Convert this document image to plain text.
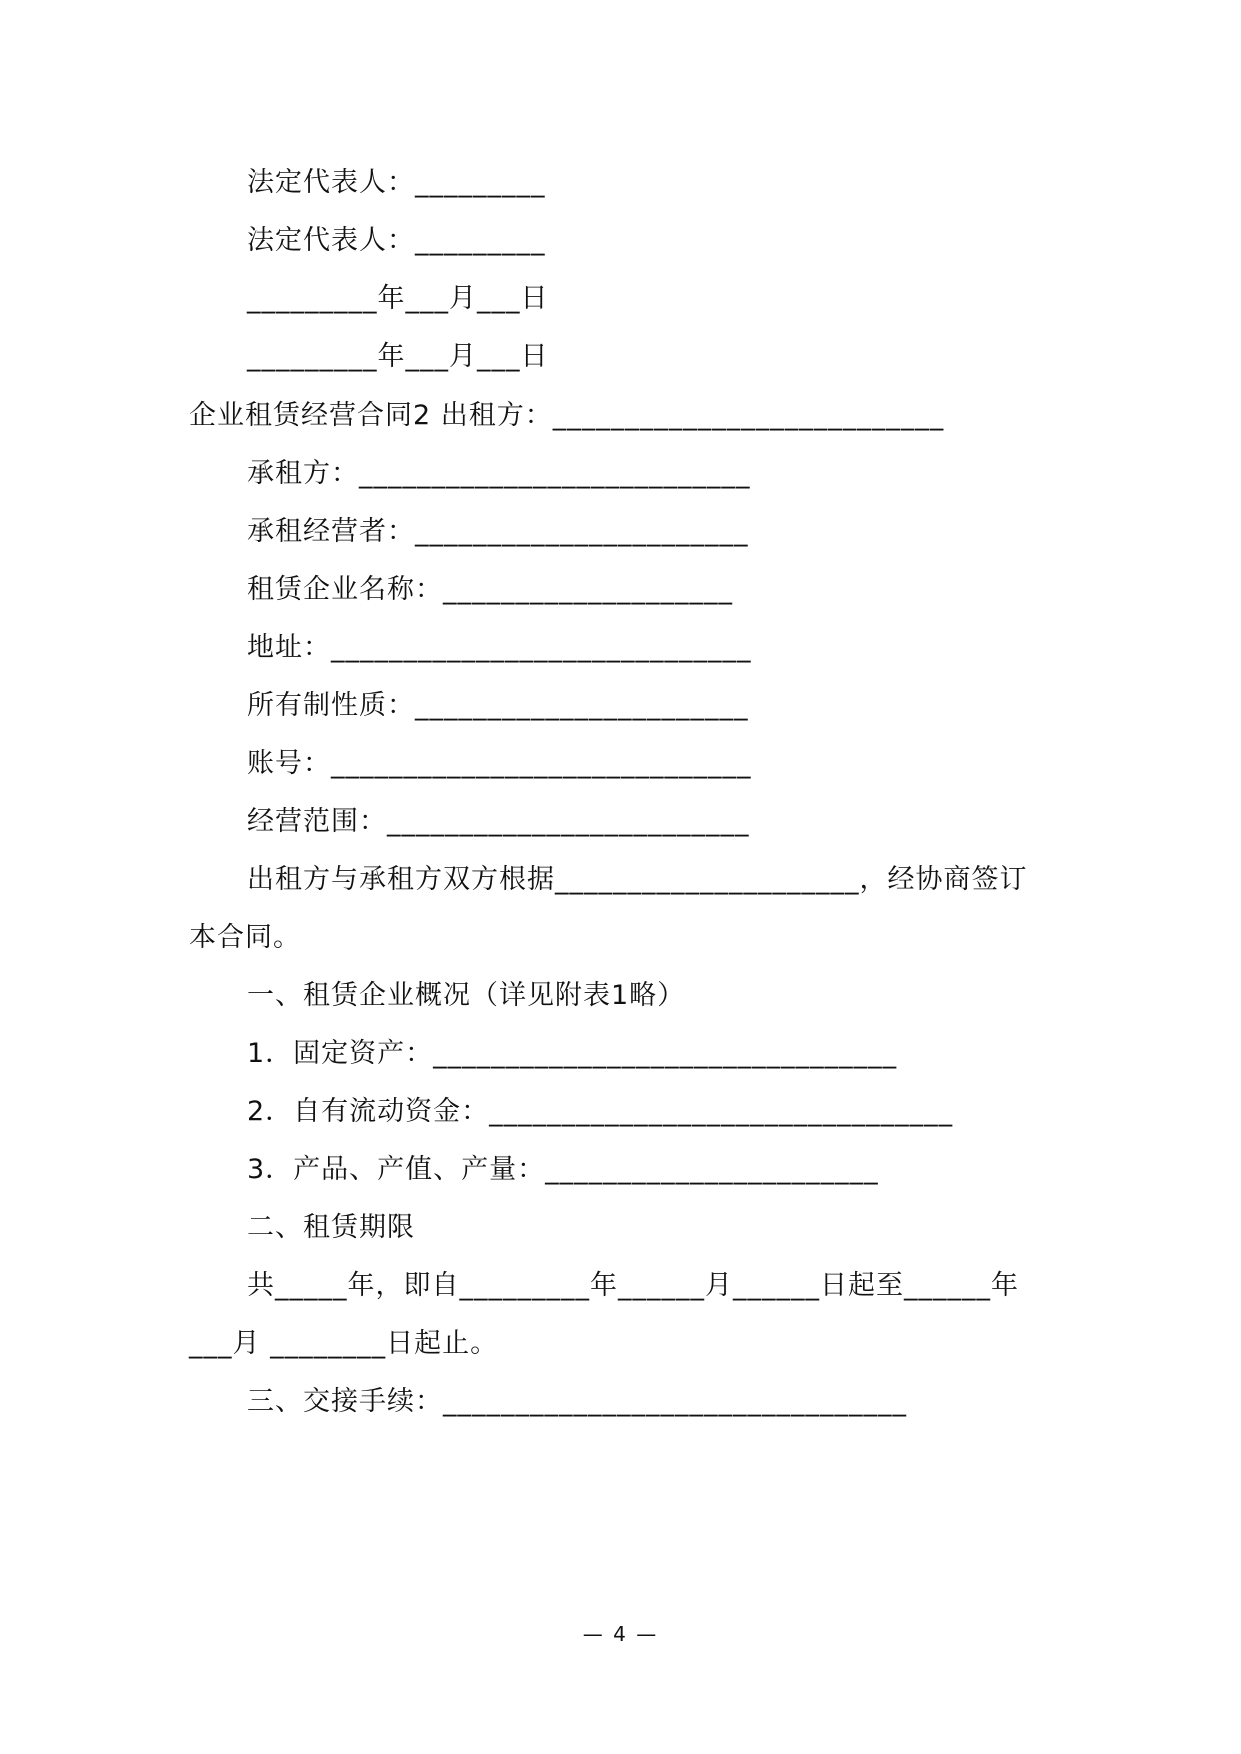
法定代表人：_________
法定代表人：_________
_________年___月___日
_________年___月___日
企业租赁经营合同2 出租方：___________________________
承租方：___________________________
承租经营者：_______________________
租赁企业名称：____________________
地址：_____________________________
所有制性质：_______________________
账号：_____________________________
经营范围：_________________________
出租方与承租方双方根据_____________________，经协商签订
本合同。
一、租赁企业概况（详见附表1略）
1．固定资产：________________________________
2．自有流动资金：________________________________
3．产品、产值、产量：_______________________
二、租赁期限
共_____年，即自_________年______月______日起至______年
___月 ________日起止。
三、交接手续：________________________________
— 4 —
